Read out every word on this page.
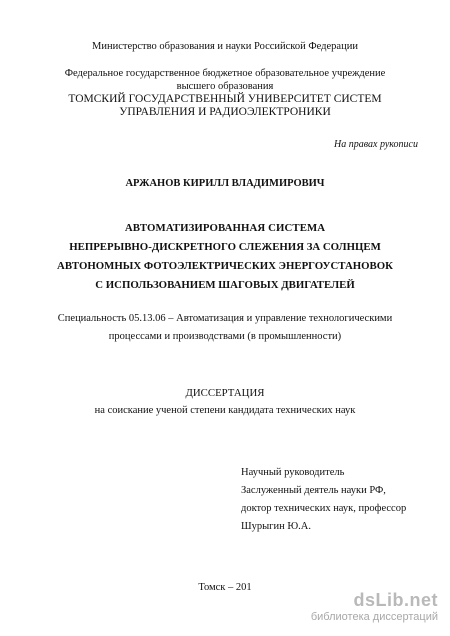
Министерство образования и науки Российской Федерации
Федеральное государственное бюджетное образовательное учреждение
высшего образования
ТОМСКИЙ ГОСУДАРСТВЕННЫЙ УНИВЕРСИТЕТ СИСТЕМ
УПРАВЛЕНИЯ И РАДИОЭЛЕКТРОНИКИ
На правах рукописи
АРЖАНОВ КИРИЛЛ ВЛАДИМИРОВИЧ
АВТОМАТИЗИРОВАННАЯ СИСТЕМА
НЕПРЕРЫВНО-ДИСКРЕТНОГО СЛЕЖЕНИЯ ЗА СОЛНЦЕМ
АВТОНОМНЫХ ФОТОЭЛЕКТРИЧЕСКИХ ЭНЕРГОУСТАНОВОК
С ИСПОЛЬЗОВАНИЕМ ШАГОВЫХ ДВИГАТЕЛЕЙ
Специальность 05.13.06 – Автоматизация и управление технологическими
процессами и производствами (в промышленности)
ДИССЕРТАЦИЯ
на соискание ученой степени кандидата технических наук
Научный руководитель
Заслуженный деятель науки РФ,
доктор технических наук, профессор
Шурыгин Ю.А.
Томск – 201
dsLib.net
библиотека диссертаций
